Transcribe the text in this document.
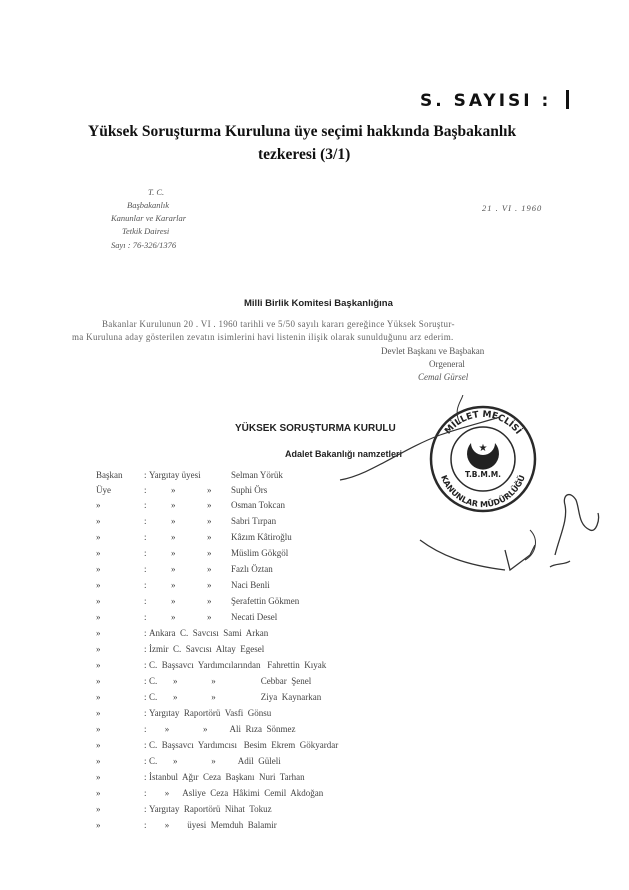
S. SAYISI :
Yüksek Soruşturma Kuruluna üye seçimi hakkında Başbakanlık
tezkeresi (3/1)
T. C.
Başbakanlık
Kanunlar ve Kararlar
Tetkik Dairesi
Sayı : 76-326/1376
21 . VI . 1960
Milli Birlik Komitesi Başkanlığına
Bakanlar Kurulunun 20 . VI . 1960 tarihli ve 5/50 sayılı kararı gereğince Yüksek Soruştur-
ma Kuruluna aday gösterilen zevatın isimlerini havi listenin ilişik olarak sunulduğunu arz ederim.
Devlet Başkanı ve Başbakan
Orgeneral
Cemal Gürsel
YÜKSEK SORUŞTURMA KURULU
Adalet Bakanlığı namzetleri
Başkan : Yargıtay üyesi	Selman Yörük
Üye	:	»	» Suphi Örs
»	:	»	» Osman Tokcan
»	:	»	» Sabri Tırpan
»	:	»	» Kâzım Kâtiroğlu
»	:	»	» Müslim Gökgöl
»	:	»	» Fazlı Öztan
»	:	»	» Naci Benli
»	:	»	» Şerafettin Gökmen
»	:	»	» Necati Desel
»	: Ankara  C.  Savcısı  Sami  Arkan
»	: İzmir  C.  Savcısı  Altay  Egesel
»	: C.  Başsavcı  Yardımcılarından   Fahrettin  Kıyak
»	: C.       »               »                    Cebbar  Şenel
»	: C.       »               »                    Ziya  Kaynarkan
»	: Yargıtay  Raportörü  Vasfi  Gönsu
»	: »               »          Ali  Rıza  Sönmez
»	: C.  Başsavcı  Yardımcısı   Besim  Ekrem  Gökyardar
»	: C.       »               »          Adil  Güleli
»	: İstanbul  Ağır  Ceza  Başkanı  Nuri  Tarhan
»	: »      Asliye  Ceza  Hâkimi  Cemil  Akdoğan
»	: Yargıtay  Raportörü  Nihat  Tokuz
»	: »        üyesi  Memduh  Balamir
MİLLET MECLİSİ
KANUNLAR MÜDÜRLÜĞÜ
★
T.B.M.M.
